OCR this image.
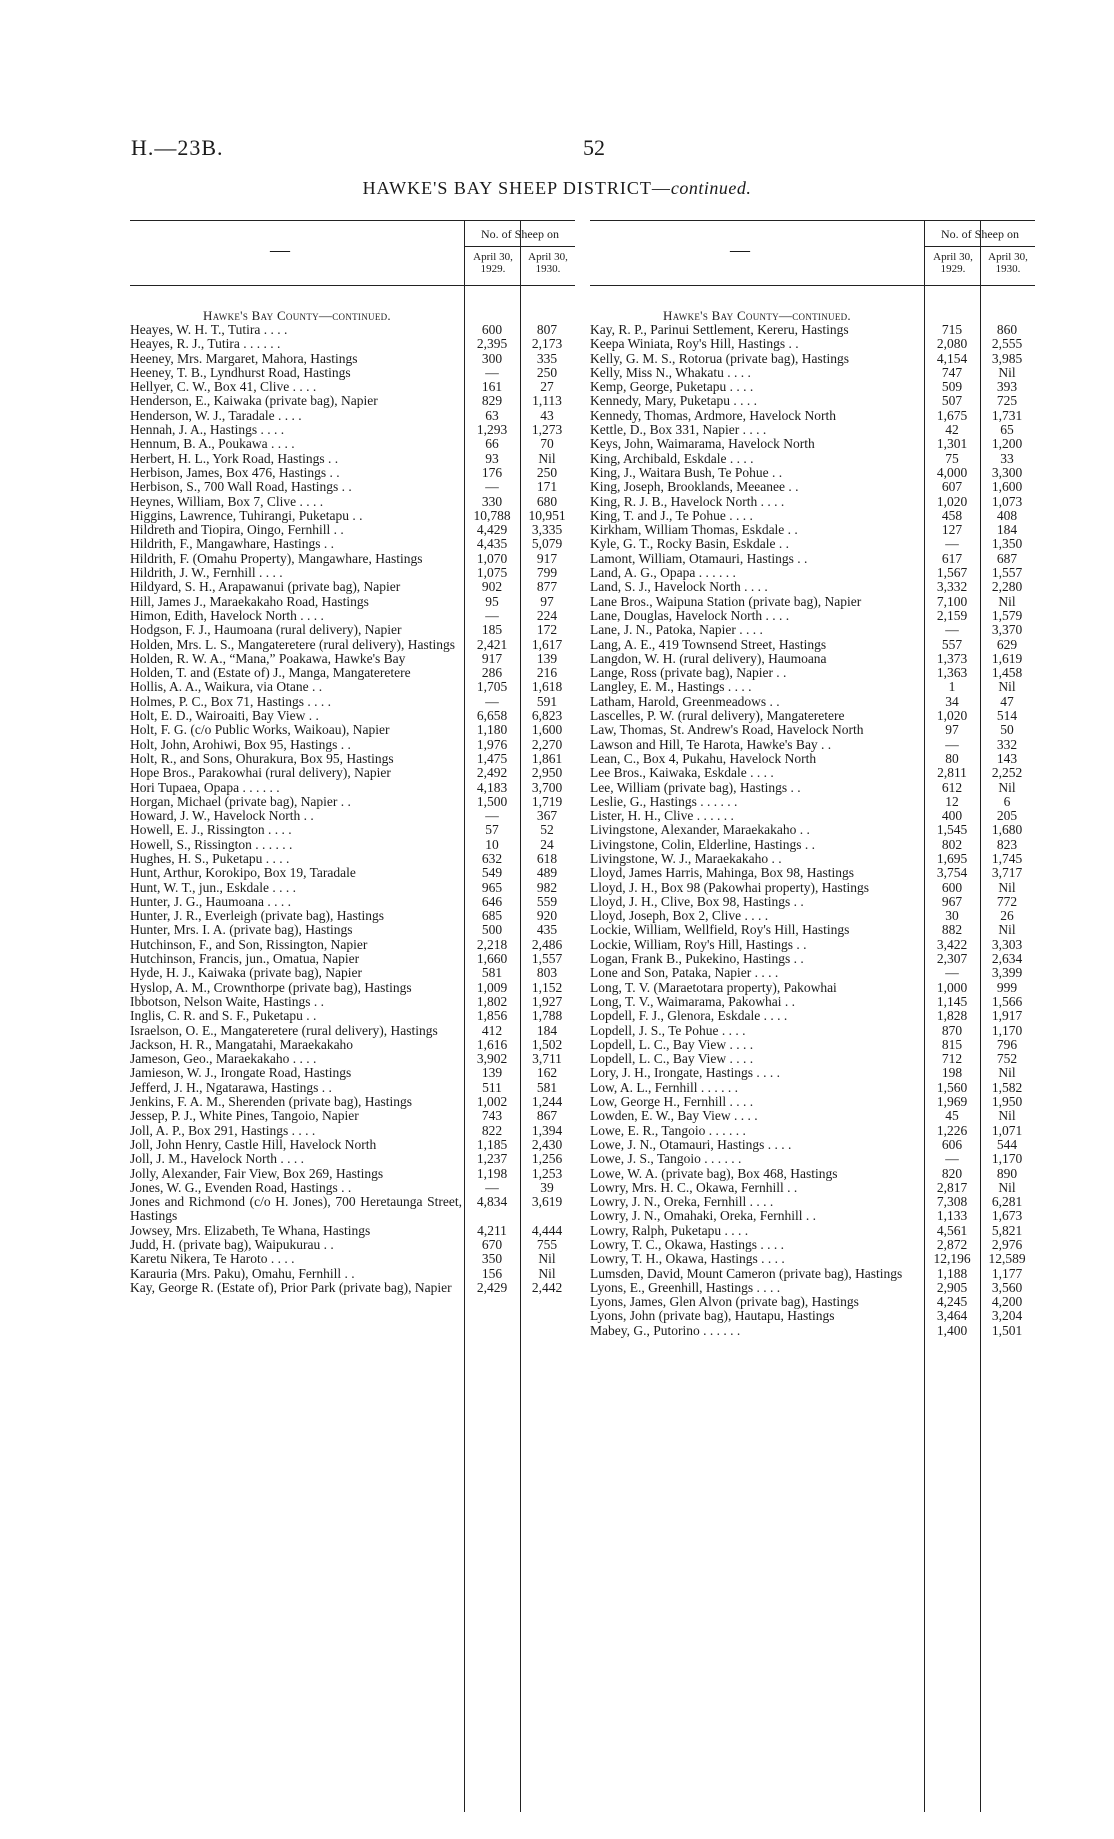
H.—23B.	52
HAWKE'S BAY SHEEP DISTRICT—continued.
—
No. of Sheep on
April 30, 1929.
April 30, 1930.
Hawke's Bay County—continued.
Heayes, W. H. T., Tutira . . . .	600	807
Heayes, R. J., Tutira . . . . . .	2,395	2,173
Heeney, Mrs. Margaret, Mahora, Hastings	300	335
Heeney, T. B., Lyndhurst Road, Hastings	—	250
Hellyer, C. W., Box 41, Clive . . . .	161	27
Henderson, E., Kaiwaka (private bag), Napier	829	1,113
Henderson, W. J., Taradale . . . .	63	43
Hennah, J. A., Hastings . . . .	1,293	1,273
Hennum, B. A., Poukawa . . . .	66	70
Herbert, H. L., York Road, Hastings . .	93	Nil
Herbison, James, Box 476, Hastings . .	176	250
Herbison, S., 700 Wall Road, Hastings . .	—	171
Heynes, William, Box 7, Clive . . . .	330	680
Higgins, Lawrence, Tuhirangi, Puketapu . .	10,788	10,951
Hildreth and Tiopira, Oingo, Fernhill . .	4,429	3,335
Hildrith, F., Mangawhare, Hastings . .	4,435	5,079
Hildrith, F. (Omahu Property), Mangawhare, Hastings	1,070	917
Hildrith, J. W., Fernhill . . . .	1,075	799
Hildyard, S. H., Arapawanui (private bag), Napier	902	877
Hill, James J., Maraekakaho Road, Hastings	95	97
Himon, Edith, Havelock North . . . .	—	224
Hodgson, F. J., Haumoana (rural delivery), Napier	185	172
Holden, Mrs. L. S., Mangateretere (rural delivery), Hastings	2,421	1,617
Holden, R. W. A., “Mana,” Poakawa, Hawke's Bay	917	139
Holden, T. and (Estate of) J., Manga, Mangateretere	286	216
Hollis, A. A., Waikura, via Otane . .	1,705	1,618
Holmes, P. C., Box 71, Hastings . . . .	—	591
Holt, E. D., Wairoaiti, Bay View . .	6,658	6,823
Holt, F. G. (c/o Public Works, Waikoau), Napier	1,180	1,600
Holt, John, Arohiwi, Box 95, Hastings . .	1,976	2,270
Holt, R., and Sons, Ohurakura, Box 95, Hastings	1,475	1,861
Hope Bros., Parakowhai (rural delivery), Napier	2,492	2,950
Hori Tupaea, Opapa . . . . . .	4,183	3,700
Horgan, Michael (private bag), Napier . .	1,500	1,719
Howard, J. W., Havelock North . .	—	367
Howell, E. J., Rissington . . . .	57	52
Howell, S., Rissington . . . . . .	10	24
Hughes, H. S., Puketapu . . . .	632	618
Hunt, Arthur, Korokipo, Box 19, Taradale	549	489
Hunt, W. T., jun., Eskdale . . . .	965	982
Hunter, J. G., Haumoana . . . .	646	559
Hunter, J. R., Everleigh (private bag), Hastings	685	920
Hunter, Mrs. I. A. (private bag), Hastings	500	435
Hutchinson, F., and Son, Rissington, Napier	2,218	2,486
Hutchinson, Francis, jun., Omatua, Napier	1,660	1,557
Hyde, H. J., Kaiwaka (private bag), Napier	581	803
Hyslop, A. M., Crownthorpe (private bag), Hastings	1,009	1,152
Ibbotson, Nelson Waite, Hastings . .	1,802	1,927
Inglis, C. R. and S. F., Puketapu . .	1,856	1,788
Israelson, O. E., Mangateretere (rural delivery), Hastings	412	184
Jackson, H. R., Mangatahi, Maraekakaho	1,616	1,502
Jameson, Geo., Maraekakaho . . . .	3,902	3,711
Jamieson, W. J., Irongate Road, Hastings	139	162
Jefferd, J. H., Ngatarawa, Hastings . .	511	581
Jenkins, F. A. M., Sherenden (private bag), Hastings	1,002	1,244
Jessep, P. J., White Pines, Tangoio, Napier	743	867
Joll, A. P., Box 291, Hastings . . . .	822	1,394
Joll, John Henry, Castle Hill, Havelock North	1,185	2,430
Joll, J. M., Havelock North . . . .	1,237	1,256
Jolly, Alexander, Fair View, Box 269, Hastings	1,198	1,253
Jones, W. G., Evenden Road, Hastings . .	—	39
Jones and Richmond (c/o H. Jones), 700 Heretaunga Street, Hastings
4,834	3,619
Jowsey, Mrs. Elizabeth, Te Whana, Hastings	4,211	4,444
Judd, H. (private bag), Waipukurau . .	670	755
Karetu Nikera, Te Haroto . . . .	350	Nil
Karauria (Mrs. Paku), Omahu, Fernhill . .	156	Nil
Kay, George R. (Estate of), Prior Park (private bag), Napier	2,429	2,442
—
No. of Sheep on
April 30, 1929.
April 30, 1930.
Hawke's Bay County—continued.
Kay, R. P., Parinui Settlement, Kereru, Hastings	715	860
Keepa Winiata, Roy's Hill, Hastings . .	2,080	2,555
Kelly, G. M. S., Rotorua (private bag), Hastings	4,154	3,985
Kelly, Miss N., Whakatu . . . .	747	Nil
Kemp, George, Puketapu . . . .	509	393
Kennedy, Mary, Puketapu . . . .	507	725
Kennedy, Thomas, Ardmore, Havelock North	1,675	1,731
Kettle, D., Box 331, Napier . . . .	42	65
Keys, John, Waimarama, Havelock North	1,301	1,200
King, Archibald, Eskdale . . . .	75	33
King, J., Waitara Bush, Te Pohue . .	4,000	3,300
King, Joseph, Brooklands, Meeanee . .	607	1,600
King, R. J. B., Havelock North . . . .	1,020	1,073
King, T. and J., Te Pohue . . . .	458	408
Kirkham, William Thomas, Eskdale . .	127	184
Kyle, G. T., Rocky Basin, Eskdale . .	—	1,350
Lamont, William, Otamauri, Hastings . .	617	687
Land, A. G., Opapa . . . . . .	1,567	1,557
Land, S. J., Havelock North . . . .	3,332	2,280
Lane Bros., Waipuna Station (private bag), Napier	7,100	Nil
Lane, Douglas, Havelock North . . . .	2,159	1,579
Lane, J. N., Patoka, Napier . . . .	—	3,370
Lang, A. E., 419 Townsend Street, Hastings	557	629
Langdon, W. H. (rural delivery), Haumoana	1,373	1,619
Lange, Ross (private bag), Napier . .	1,363	1,458
Langley, E. M., Hastings . . . .	1	Nil
Latham, Harold, Greenmeadows . .	34	47
Lascelles, P. W. (rural delivery), Mangateretere	1,020	514
Law, Thomas, St. Andrew's Road, Havelock North	97	50
Lawson and Hill, Te Harota, Hawke's Bay . .	—	332
Lean, C., Box 4, Pukahu, Havelock North	80	143
Lee Bros., Kaiwaka, Eskdale . . . .	2,811	2,252
Lee, William (private bag), Hastings . .	612	Nil
Leslie, G., Hastings . . . . . .	12	6
Lister, H. H., Clive . . . . . .	400	205
Livingstone, Alexander, Maraekakaho . .	1,545	1,680
Livingstone, Colin, Elderline, Hastings . .	802	823
Livingstone, W. J., Maraekakaho . .	1,695	1,745
Lloyd, James Harris, Mahinga, Box 98, Hastings	3,754	3,717
Lloyd, J. H., Box 98 (Pakowhai property), Hastings	600	Nil
Lloyd, J. H., Clive, Box 98, Hastings . .	967	772
Lloyd, Joseph, Box 2, Clive . . . .	30	26
Lockie, William, Wellfield, Roy's Hill, Hastings	882	Nil
Lockie, William, Roy's Hill, Hastings . .	3,422	3,303
Logan, Frank B., Pukekino, Hastings . .	2,307	2,634
Lone and Son, Pataka, Napier . . . .	—	3,399
Long, T. V. (Maraetotara property), Pakowhai	1,000	999
Long, T. V., Waimarama, Pakowhai . .	1,145	1,566
Lopdell, F. J., Glenora, Eskdale . . . .	1,828	1,917
Lopdell, J. S., Te Pohue . . . .	870	1,170
Lopdell, L. C., Bay View . . . .	815	796
Lopdell, L. C., Bay View . . . .	712	752
Lory, J. H., Irongate, Hastings . . . .	198	Nil
Low, A. L., Fernhill . . . . . .	1,560	1,582
Low, George H., Fernhill . . . .	1,969	1,950
Lowden, E. W., Bay View . . . .	45	Nil
Lowe, E. R., Tangoio . . . . . .	1,226	1,071
Lowe, J. N., Otamauri, Hastings . . . .	606	544
Lowe, J. S., Tangoio . . . . . .	—	1,170
Lowe, W. A. (private bag), Box 468, Hastings	820	890
Lowry, Mrs. H. C., Okawa, Fernhill . .	2,817	Nil
Lowry, J. N., Oreka, Fernhill . . . .	7,308	6,281
Lowry, J. N., Omahaki, Oreka, Fernhill . .	1,133	1,673
Lowry, Ralph, Puketapu . . . .	4,561	5,821
Lowry, T. C., Okawa, Hastings . . . .	2,872	2,976
Lowry, T. H., Okawa, Hastings . . . .	12,196	12,589
Lumsden, David, Mount Cameron (private bag), Hastings	1,188	1,177
Lyons, E., Greenhill, Hastings . . . .	2,905	3,560
Lyons, James, Glen Alvon (private bag), Hastings	4,245	4,200
Lyons, John (private bag), Hautapu, Hastings	3,464	3,204
Mabey, G., Putorino . . . . . .	1,400	1,501
